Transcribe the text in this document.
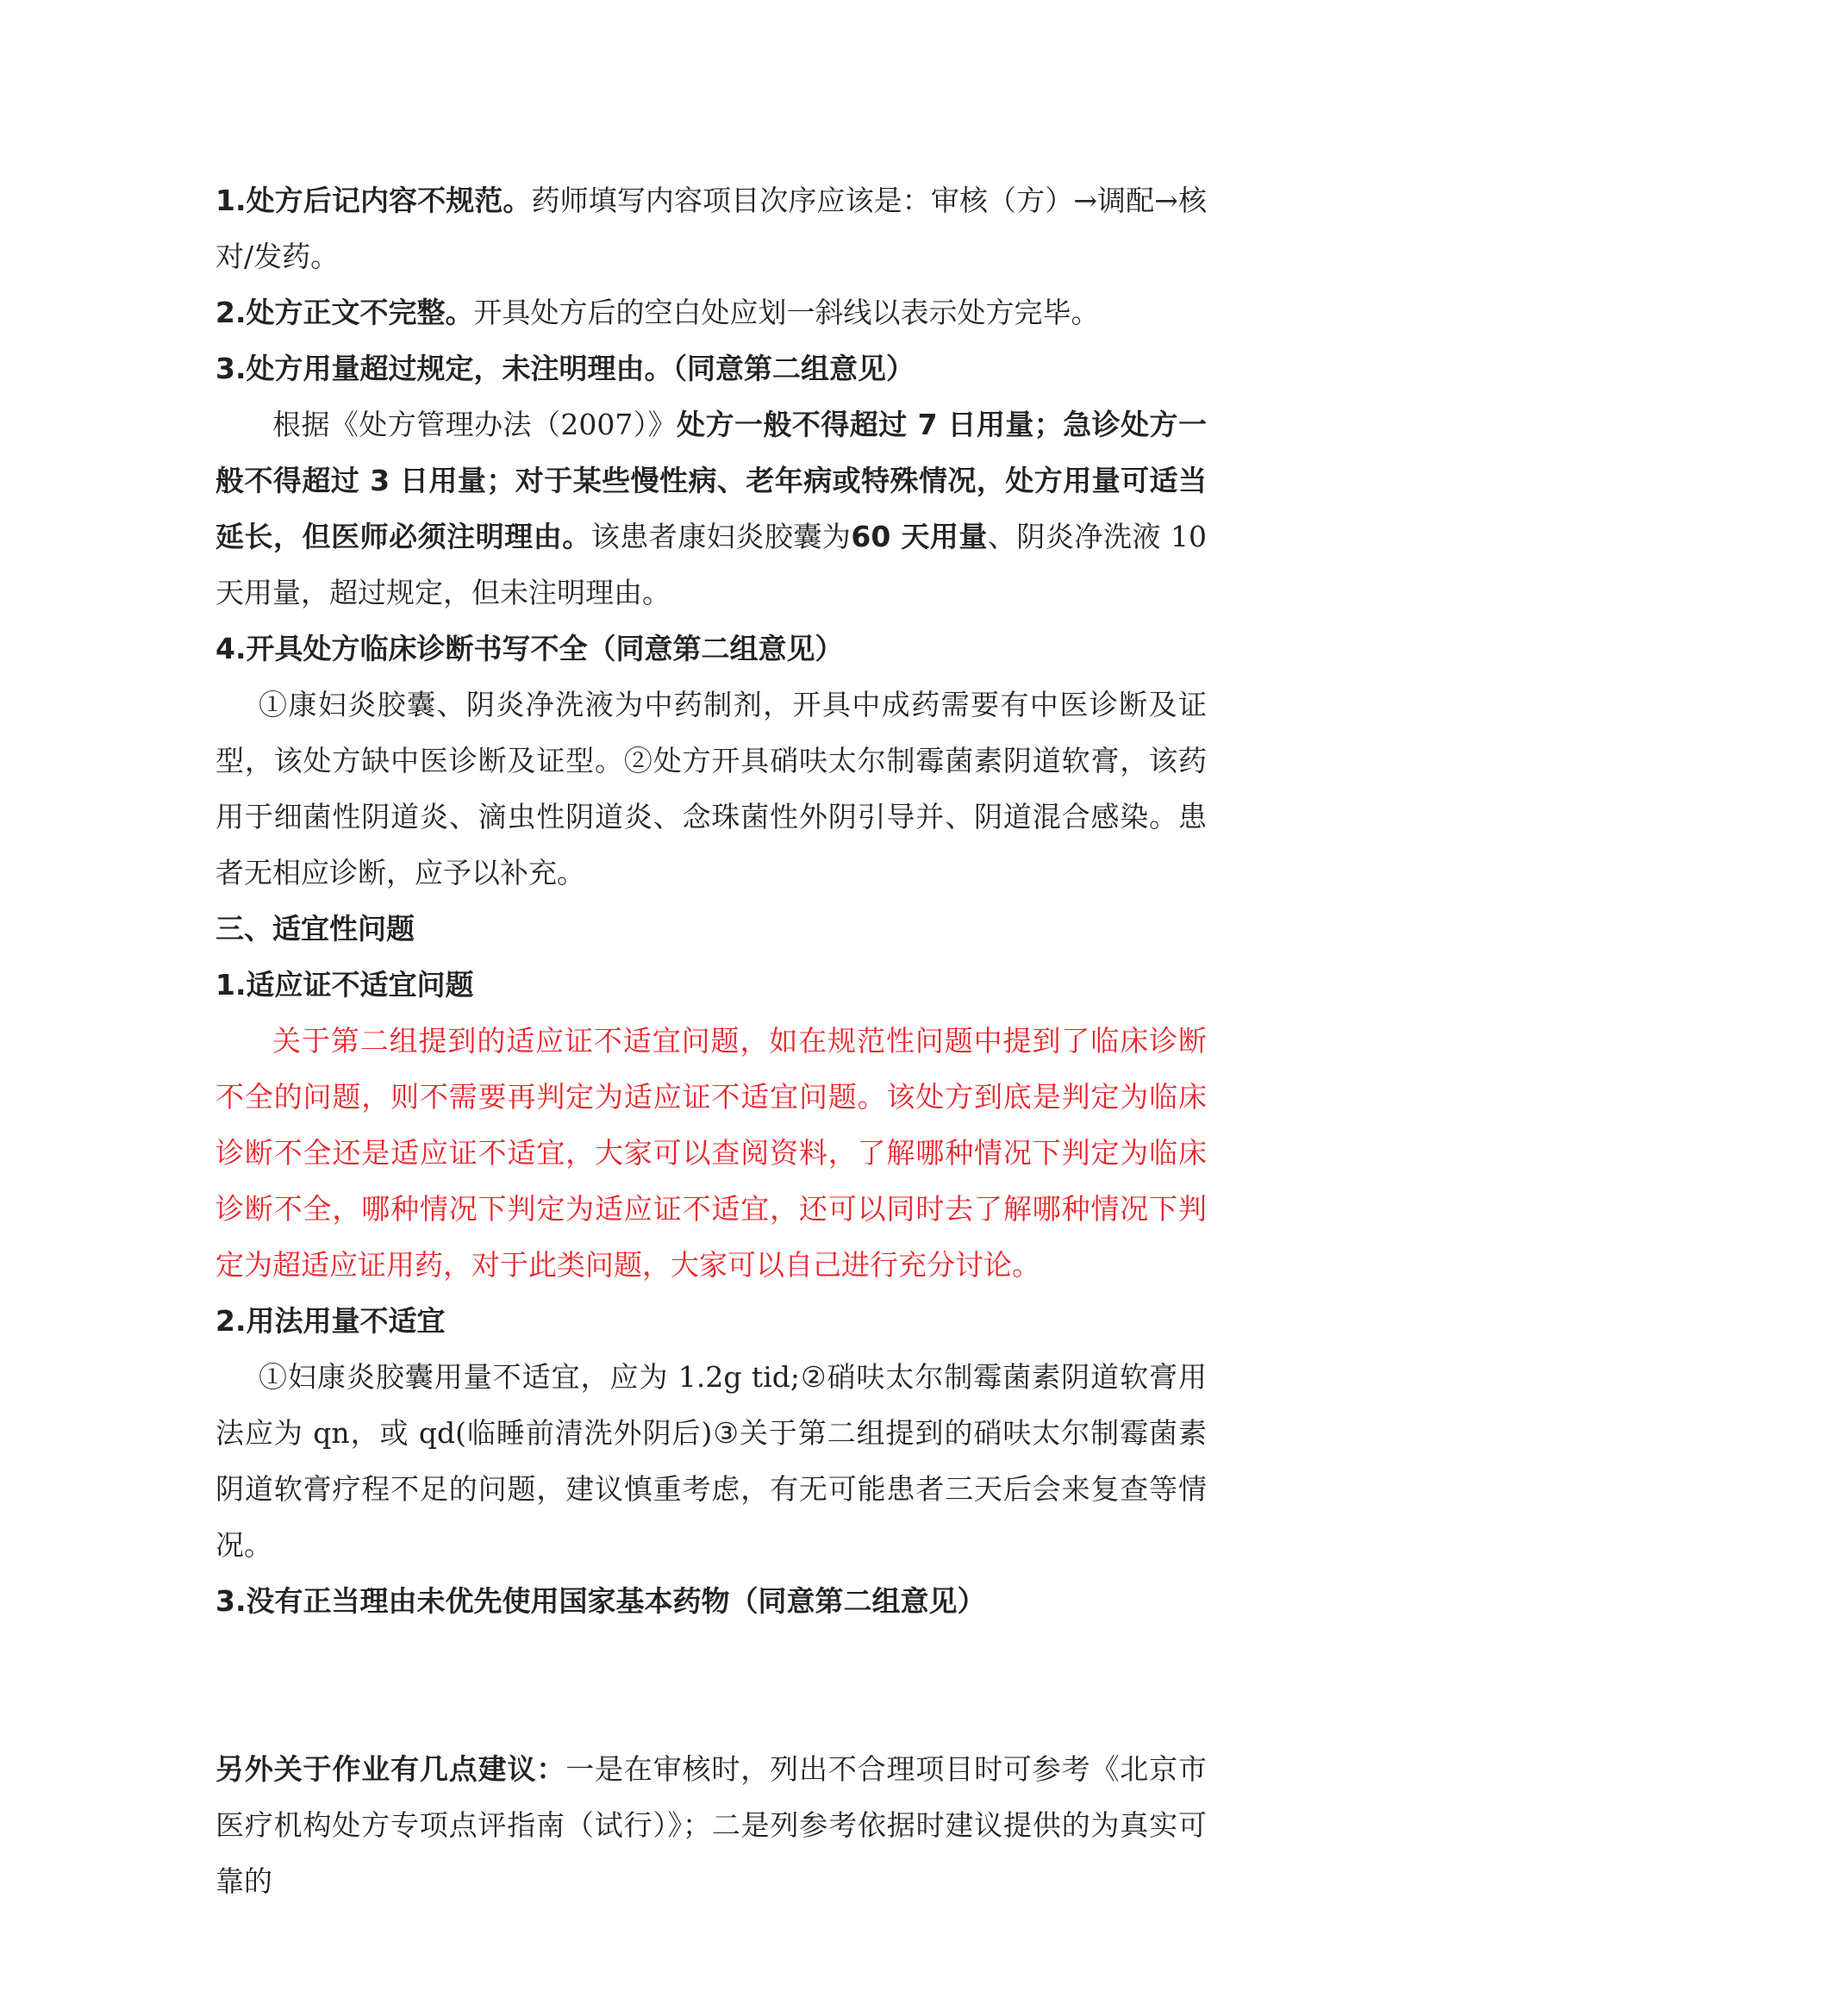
1.处方后记内容不规范。药师填写内容项目次序应该是：审核（方）→调配→核对/发药。

2.处方正文不完整。开具处方后的空白处应划一斜线以表示处方完毕。

3.处方用量超过规定，未注明理由。（同意第二组意见）

根据《处方管理办法（2007）》处方一般不得超过 7 日用量；急诊处方一般不得超过 3 日用量；对于某些慢性病、老年病或特殊情况，处方用量可适当延长，但医师必须注明理由。该患者康妇炎胶囊为60 天用量、阴炎净洗液 10 天用量，超过规定，但未注明理由。

4.开具处方临床诊断书写不全（同意第二组意见）

①康妇炎胶囊、阴炎净洗液为中药制剂，开具中成药需要有中医诊断及证型，该处方缺中医诊断及证型。②处方开具硝呋太尔制霉菌素阴道软膏，该药用于细菌性阴道炎、滴虫性阴道炎、念珠菌性外阴引导并、阴道混合感染。患者无相应诊断，应予以补充。

三、适宜性问题

1.适应证不适宜问题

关于第二组提到的适应证不适宜问题，如在规范性问题中提到了临床诊断不全的问题，则不需要再判定为适应证不适宜问题。该处方到底是判定为临床诊断不全还是适应证不适宜，大家可以查阅资料，了解哪种情况下判定为临床诊断不全，哪种情况下判定为适应证不适宜，还可以同时去了解哪种情况下判定为超适应证用药，对于此类问题，大家可以自己进行充分讨论。

2.用法用量不适宜

①妇康炎胶囊用量不适宜，应为 1.2g tid;②硝呋太尔制霉菌素阴道软膏用法应为 qn，或 qd(临睡前清洗外阴后)③关于第二组提到的硝呋太尔制霉菌素阴道软膏疗程不足的问题，建议慎重考虑，有无可能患者三天后会来复查等情况。

3.没有正当理由未优先使用国家基本药物（同意第二组意见）

另外关于作业有几点建议：一是在审核时，列出不合理项目时可参考《北京市医疗机构处方专项点评指南（试行）》；二是列参考依据时建议提供的为真实可靠的
